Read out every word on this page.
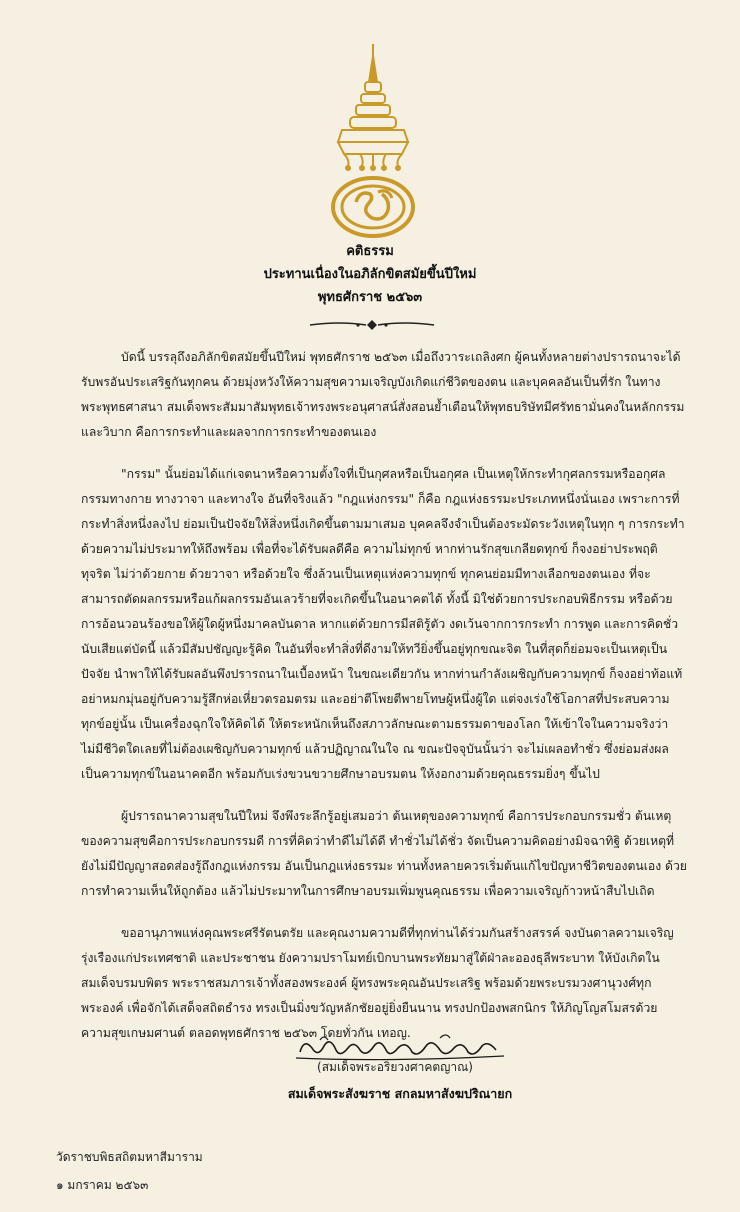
คติธรรม
ประทานเนื่องในอภิลักขิตสมัยขึ้นปีใหม่
พุทธศักราช ๒๕๖๓

บัดนี้ บรรลุถึงอภิลักขิตสมัยขึ้นปีใหม่ พุทธศักราช ๒๕๖๓ เมื่อถึงวาระเถลิงศก ผู้คนทั้งหลายต่างปรารถนาจะได้รับพรอันประเสริฐกันทุกคน ด้วยมุ่งหวังให้ความสุขความเจริญบังเกิดแก่ชีวิตของตน และบุคคลอันเป็นที่รัก ในทางพระพุทธศาสนา สมเด็จพระสัมมาสัมพุทธเจ้าทรงพระอนุศาสน์สั่งสอนย้ำเตือนให้พุทธบริษัทมีศรัทธามั่นคงในหลักกรรมและวิบาก คือการกระทำและผลจากการกระทำของตนเอง

"กรรม" นั้นย่อมได้แก่เจตนาหรือความตั้งใจที่เป็นกุศลหรือเป็นอกุศล เป็นเหตุให้กระทำกุศลกรรมหรืออกุศลกรรมทางกาย ทางวาจา และทางใจ อันที่จริงแล้ว "กฎแห่งกรรม" ก็คือ กฎแห่งธรรมะประเภทหนึ่งนั่นเอง เพราะการที่กระทำสิ่งหนึ่งลงไป ย่อมเป็นปัจจัยให้สิ่งหนึ่งเกิดขึ้นตามมาเสมอ บุคคลจึงจำเป็นต้องระมัดระวังเหตุในทุก ๆ การกระทำ ด้วยความไม่ประมาทให้ถึงพร้อม เพื่อที่จะได้รับผลดีคือ ความไม่ทุกข์ หากท่านรักสุขเกลียดทุกข์ ก็จงอย่าประพฤติทุจริต ไม่ว่าด้วยกาย ด้วยวาจา หรือด้วยใจ ซึ่งล้วนเป็นเหตุแห่งความทุกข์ ทุกคนย่อมมีทางเลือกของตนเอง ที่จะสามารถตัดผลกรรมหรือแก้ผลกรรมอันเลวร้ายที่จะเกิดขึ้นในอนาคตได้ ทั้งนี้ มิใช่ด้วยการประกอบพิธีกรรม หรือด้วยการอ้อนวอนร้องขอให้ผู้ใดผู้หนึ่งมาคลบันดาล หากแต่ด้วยการมีสติรู้ตัว งดเว้นจากการกระทำ การพูด และการคิดชั่ว นับเสียแต่บัดนี้ แล้วมีสัมปชัญญะรู้คิด ในอันที่จะทำสิ่งที่ดีงามให้ทวียิ่งขึ้นอยู่ทุกขณะจิต ในที่สุดก็ย่อมจะเป็นเหตุเป็นปัจจัย นำพาให้ได้รับผลอันพึงปรารถนาในเบื้องหน้า ในขณะเดียวกัน หากท่านกำลังเผชิญกับความทุกข์ ก็จงอย่าท้อแท้ อย่าหมกมุ่นอยู่กับความรู้สึกห่อเหี่ยวตรอมตรม และอย่าตีโพยตีพายโทษผู้หนึ่งผู้ใด แต่จงเร่งใช้โอกาสที่ประสบความทุกข์อยู่นั้น เป็นเครื่องฉุกใจให้คิดได้ ให้ตระหนักเห็นถึงสภาวลักษณะตามธรรมดาของโลก ให้เข้าใจในความจริงว่าไม่มีชีวิตใดเลยที่ไม่ต้องเผชิญกับความทุกข์ แล้วปฏิญาณในใจ ณ ขณะปัจจุบันนั้นว่า จะไม่เผลอทำชั่ว ซึ่งย่อมส่งผลเป็นความทุกข์ในอนาคตอีก พร้อมกับเร่งขวนขวายศึกษาอบรมตน ให้งอกงามด้วยคุณธรรมยิ่งๆ ขึ้นไป

ผู้ปรารถนาความสุขในปีใหม่ จึงพึงระลึกรู้อยู่เสมอว่า ต้นเหตุของความทุกข์ คือการประกอบกรรมชั่ว ต้นเหตุของความสุขคือการประกอบกรรมดี การที่คิดว่าทำดีไม่ได้ดี ทำชั่วไม่ได้ชั่ว จัดเป็นความคิดอย่างมิจฉาทิฐิ ด้วยเหตุที่ยังไม่มีปัญญาสอดส่องรู้ถึงกฎแห่งกรรม อันเป็นกฎแห่งธรรมะ ท่านทั้งหลายควรเริ่มต้นแก้ไขปัญหาชีวิตของตนเอง ด้วยการทำความเห็นให้ถูกต้อง แล้วไม่ประมาทในการศึกษาอบรมเพิ่มพูนคุณธรรม เพื่อความเจริญก้าวหน้าสืบไปเถิด

ขออานุภาพแห่งคุณพระศรีรัตนตรัย และคุณงามความดีที่ทุกท่านได้ร่วมกันสร้างสรรค์ จงบันดาลความเจริญรุ่งเรืองแก่ประเทศชาติ และประชาชน ยังความปราโมทย์เบิกบานพระทัยมาสู่ใต้ฝ่าละอองธุลีพระบาท ให้บังเกิดใน สมเด็จบรมบพิตร พระราชสมภารเจ้าทั้งสองพระองค์ ผู้ทรงพระคุณอันประเสริฐ พร้อมด้วยพระบรมวงศานุวงศ์ทุกพระองค์ เพื่อจักได้เสด็จสถิตธำรง ทรงเป็นมิ่งขวัญหลักชัยอยู่ยิ่งยืนนาน ทรงปกป้องพสกนิกร ให้ภิญโญสโมสรด้วยความสุขเกษมศานต์ ตลอดพุทธศักราช ๒๕๖๓ โดยทั่วกัน เทอญ.

(สมเด็จพระอริยวงศาคตญาณ)
สมเด็จพระสังฆราช สกลมหาสังฆปริณายก
วัดราชบพิธสถิตมหาสีมาราม
๑ มกราคม ๒๕๖๓
